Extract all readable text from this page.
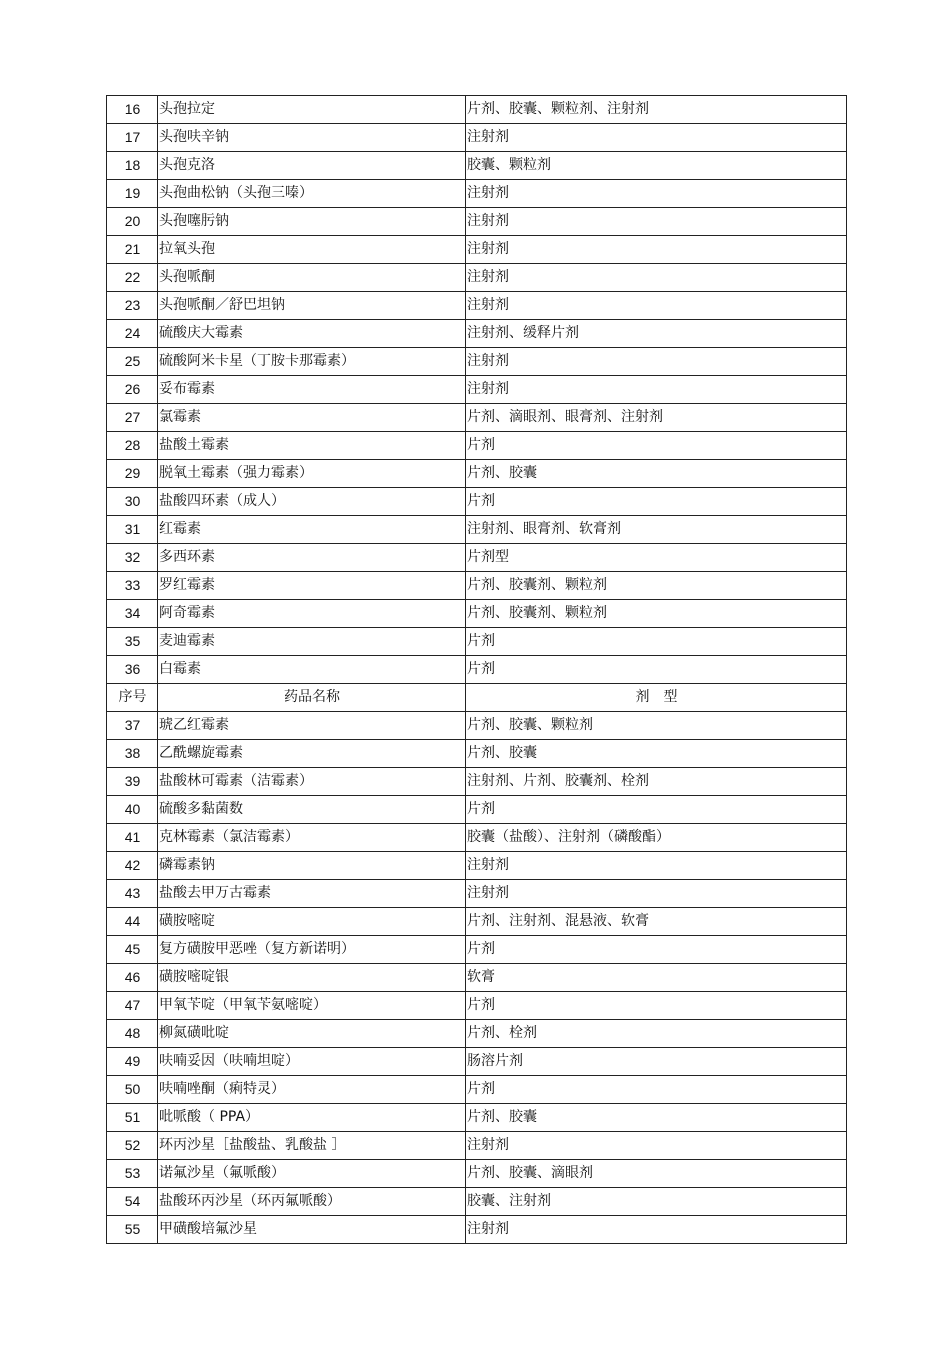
16	头孢拉定	片剂、胶囊、颗粒剂、注射剂
17	头孢呋辛钠	注射剂
18	头孢克洛	胶囊、颗粒剂
19	头孢曲松钠（头孢三嗪）	注射剂
20	头孢噻肟钠	注射剂
21	拉氧头孢	注射剂
22	头孢哌酮	注射剂
23	头孢哌酮／舒巴坦钠	注射剂
24	硫酸庆大霉素	注射剂、缓释片剂
25	硫酸阿米卡星（丁胺卡那霉素）	注射剂
26	妥布霉素	注射剂
27	氯霉素	片剂、滴眼剂、眼膏剂、注射剂
28	盐酸土霉素	片剂
29	脱氧土霉素（强力霉素）	片剂、胶囊
30	盐酸四环素（成人）	片剂
31	红霉素	注射剂、眼膏剂、软膏剂
32	多西环素	片剂型
33	罗红霉素	片剂、胶囊剂、颗粒剂
34	阿奇霉素	片剂、胶囊剂、颗粒剂
35	麦迪霉素	片剂
36	白霉素	片剂
序号	药品名称	剂　型
37	琥乙红霉素	片剂、胶囊、颗粒剂
38	乙酰螺旋霉素	片剂、胶囊
39	盐酸林可霉素（洁霉素）	注射剂、片剂、胶囊剂、栓剂
40	硫酸多黏菌数	片剂
41	克林霉素（氯洁霉素）	胶囊（盐酸）、注射剂（磷酸酯）
42	磷霉素钠	注射剂
43	盐酸去甲万古霉素	注射剂
44	磺胺嘧啶	片剂、注射剂、混悬液、软膏
45	复方磺胺甲恶唑（复方新诺明）	片剂
46	磺胺嘧啶银	软膏
47	甲氧苄啶（甲氧苄氨嘧啶）	片剂
48	柳氮磺吡啶	片剂、栓剂
49	呋喃妥因（呋喃坦啶）	肠溶片剂
50	呋喃唑酮（痢特灵）	片剂
51	吡哌酸（ PPA）	片剂、胶囊
52	环丙沙星［盐酸盐、乳酸盐 ］	注射剂
53	诺氟沙星（氟哌酸）	片剂、胶囊、滴眼剂
54	盐酸环丙沙星（环丙氟哌酸）	胶囊、注射剂
55	甲磺酸培氟沙星	注射剂
